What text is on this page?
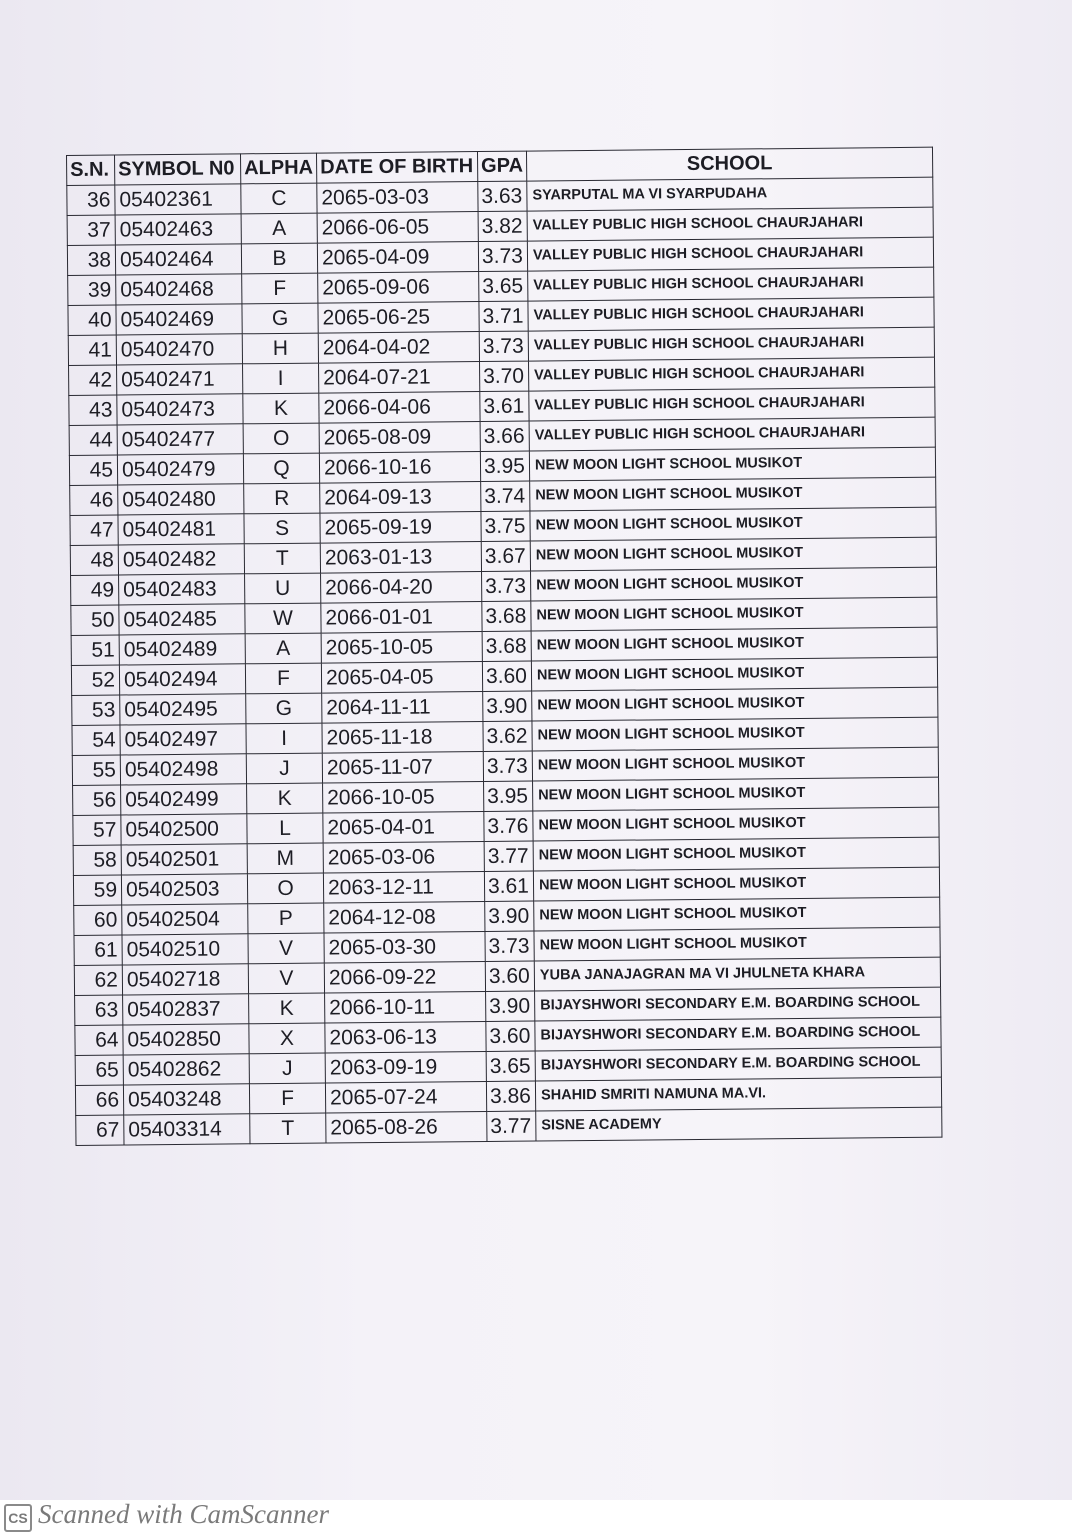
S.N.	SYMBOL N0	ALPHA	DATE OF BIRTH	GPA	SCHOOL
36	05402361	C	2065-03-03	3.63	SYARPUTAL MA VI SYARPUDAHA
37	05402463	A	2066-06-05	3.82	VALLEY PUBLIC HIGH SCHOOL CHAURJAHARI
38	05402464	B	2065-04-09	3.73	VALLEY PUBLIC HIGH SCHOOL CHAURJAHARI
39	05402468	F	2065-09-06	3.65	VALLEY PUBLIC HIGH SCHOOL CHAURJAHARI
40	05402469	G	2065-06-25	3.71	VALLEY PUBLIC HIGH SCHOOL CHAURJAHARI
41	05402470	H	2064-04-02	3.73	VALLEY PUBLIC HIGH SCHOOL CHAURJAHARI
42	05402471	I	2064-07-21	3.70	VALLEY PUBLIC HIGH SCHOOL CHAURJAHARI
43	05402473	K	2066-04-06	3.61	VALLEY PUBLIC HIGH SCHOOL CHAURJAHARI
44	05402477	O	2065-08-09	3.66	VALLEY PUBLIC HIGH SCHOOL CHAURJAHARI
45	05402479	Q	2066-10-16	3.95	NEW MOON LIGHT SCHOOL MUSIKOT
46	05402480	R	2064-09-13	3.74	NEW MOON LIGHT SCHOOL MUSIKOT
47	05402481	S	2065-09-19	3.75	NEW MOON LIGHT SCHOOL MUSIKOT
48	05402482	T	2063-01-13	3.67	NEW MOON LIGHT SCHOOL MUSIKOT
49	05402483	U	2066-04-20	3.73	NEW MOON LIGHT SCHOOL MUSIKOT
50	05402485	W	2066-01-01	3.68	NEW MOON LIGHT SCHOOL MUSIKOT
51	05402489	A	2065-10-05	3.68	NEW MOON LIGHT SCHOOL MUSIKOT
52	05402494	F	2065-04-05	3.60	NEW MOON LIGHT SCHOOL MUSIKOT
53	05402495	G	2064-11-11	3.90	NEW MOON LIGHT SCHOOL MUSIKOT
54	05402497	I	2065-11-18	3.62	NEW MOON LIGHT SCHOOL MUSIKOT
55	05402498	J	2065-11-07	3.73	NEW MOON LIGHT SCHOOL MUSIKOT
56	05402499	K	2066-10-05	3.95	NEW MOON LIGHT SCHOOL MUSIKOT
57	05402500	L	2065-04-01	3.76	NEW MOON LIGHT SCHOOL MUSIKOT
58	05402501	M	2065-03-06	3.77	NEW MOON LIGHT SCHOOL MUSIKOT
59	05402503	O	2063-12-11	3.61	NEW MOON LIGHT SCHOOL MUSIKOT
60	05402504	P	2064-12-08	3.90	NEW MOON LIGHT SCHOOL MUSIKOT
61	05402510	V	2065-03-30	3.73	NEW MOON LIGHT SCHOOL MUSIKOT
62	05402718	V	2066-09-22	3.60	YUBA JANAJAGRAN MA VI JHULNETA KHARA
63	05402837	K	2066-10-11	3.90	BIJAYSHWORI SECONDARY E.M. BOARDING SCHOOL
64	05402850	X	2063-06-13	3.60	BIJAYSHWORI SECONDARY E.M. BOARDING SCHOOL
65	05402862	J	2063-09-19	3.65	BIJAYSHWORI SECONDARY E.M. BOARDING SCHOOL
66	05403248	F	2065-07-24	3.86	SHAHID SMRITI NAMUNA MA.VI.
67	05403314	T	2065-08-26	3.77	SISNE ACADEMY
CS Scanned with CamScanner
